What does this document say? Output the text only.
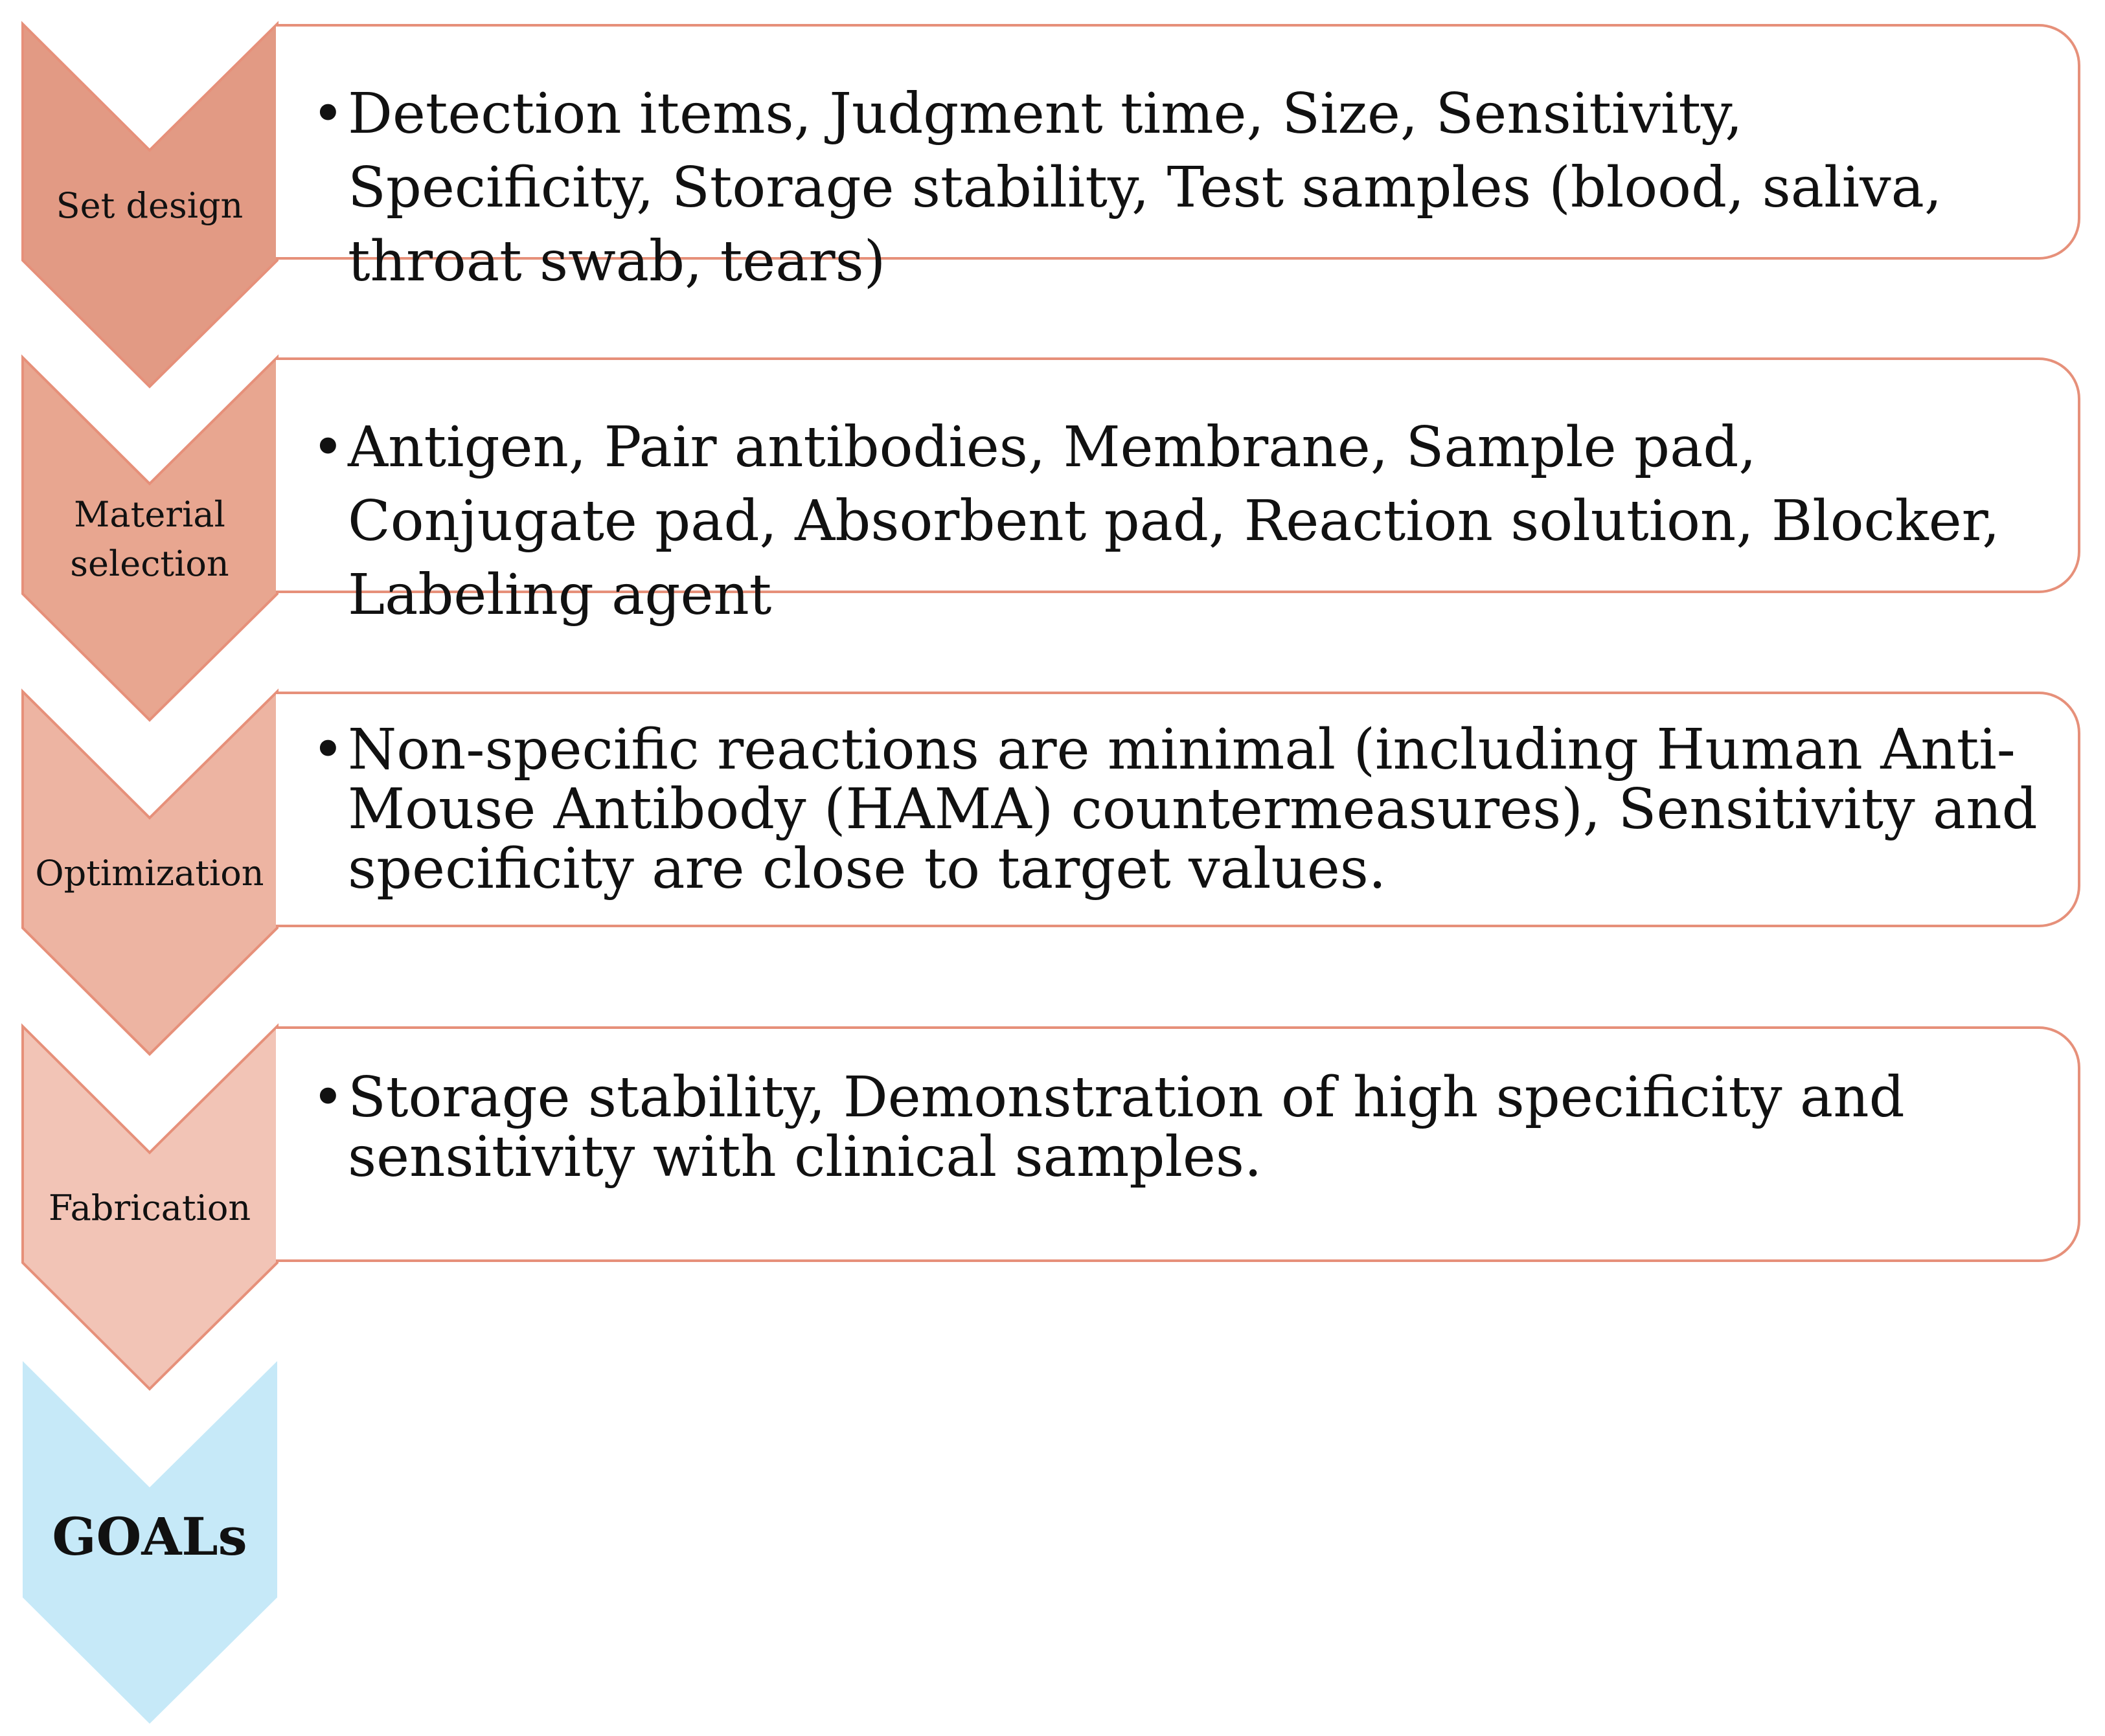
Set design
Material
selection
Optimization
Fabrication
GOALs

• Detection items, Judgment time, Size, Sensitivity, Specificity, Storage stability, Test samples (blood, saliva, throat swab, tears)

• Antigen, Pair antibodies, Membrane, Sample pad, Conjugate pad, Absorbent pad, Reaction solution, Blocker, Labeling agent

• Non-specific reactions are minimal (including Human Anti-Mouse Antibody (HAMA) countermeasures), Sensitivity and specificity are close to target values.

• Storage stability, Demonstration of high specificity and sensitivity with clinical samples.
